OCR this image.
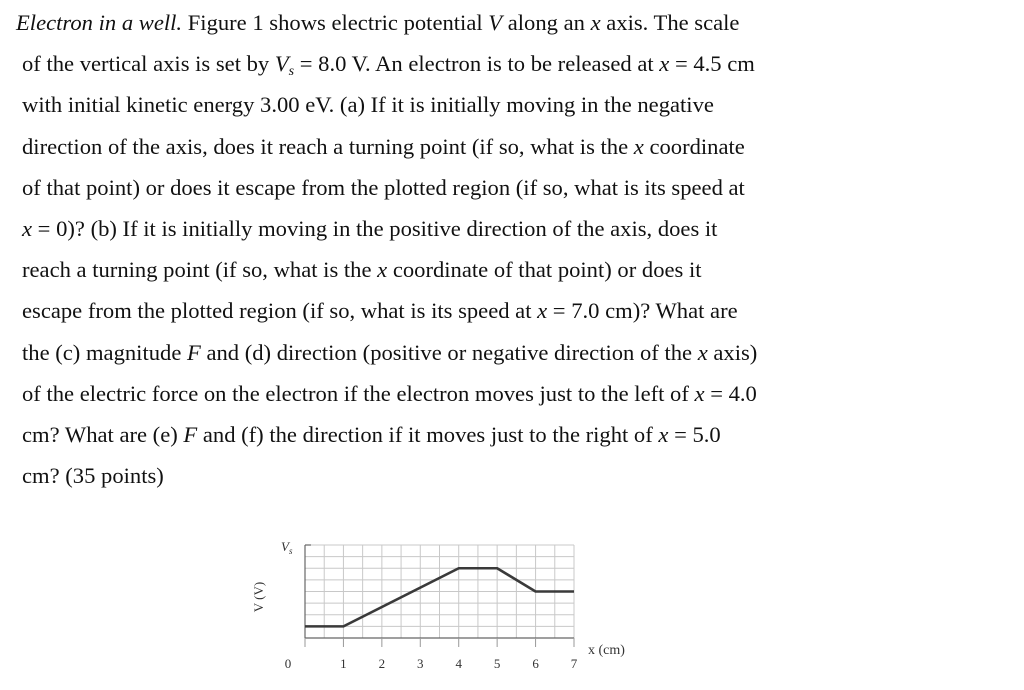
Electron in a well. Figure 1 shows electric potential V along an x axis. The scale
of the vertical axis is set by $V_s = 8.0$ V. An electron is to be released at x = 4.5 cm
with initial kinetic energy 3.00 eV. (a) If it is initially moving in the negative
direction of the axis, does it reach a turning point (if so, what is the x coordinate
of that point) or does it escape from the plotted region (if so, what is its speed at
x = 0)? (b) If it is initially moving in the positive direction of the axis, does it
reach a turning point (if so, what is the x coordinate of that point) or does it
escape from the plotted region (if so, what is its speed at x = 7.0 cm)? What are
the (c) magnitude F and (d) direction (positive or negative direction of the x axis)
of the electric force on the electron if the electron moves just to the left of x = 4.0
cm? What are (e) F and (f) the direction if it moves just to the right of x = 5.0
cm? (35 points)
V (V)
$V_s$
0	1 2 3 4 5 6 7
x (cm)
